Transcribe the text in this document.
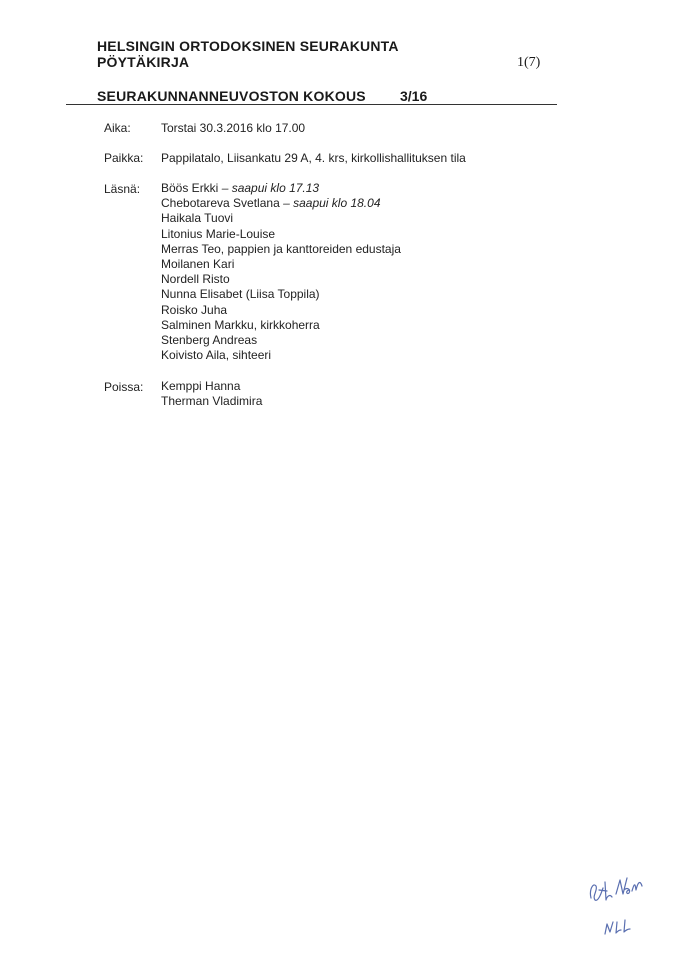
HELSINGIN ORTODOKSINEN SEURAKUNTA
PÖYTÄKIRJA	1(7)
SEURAKUNNANNEUVOSTON KOKOUS 3/16
Aika:	Torstai 30.3.2016 klo 17.00
Paikka: Pappilatalo, Liisankatu 29 A, 4. krs, kirkollishallituksen tila
Läsnä: Böös Erkki – saapui klo 17.13
Chebotareva Svetlana – saapui klo 18.04
Haikala Tuovi
Litonius Marie-Louise
Merras Teo, pappien ja kanttoreiden edustaja
Moilanen Kari
Nordell Risto
Nunna Elisabet (Liisa Toppila)
Roisko Juha
Salminen Markku, kirkkoherra
Stenberg Andreas
Koivisto Aila, sihteeri
Poissa: Kemppi Hanna
Therman Vladimira
